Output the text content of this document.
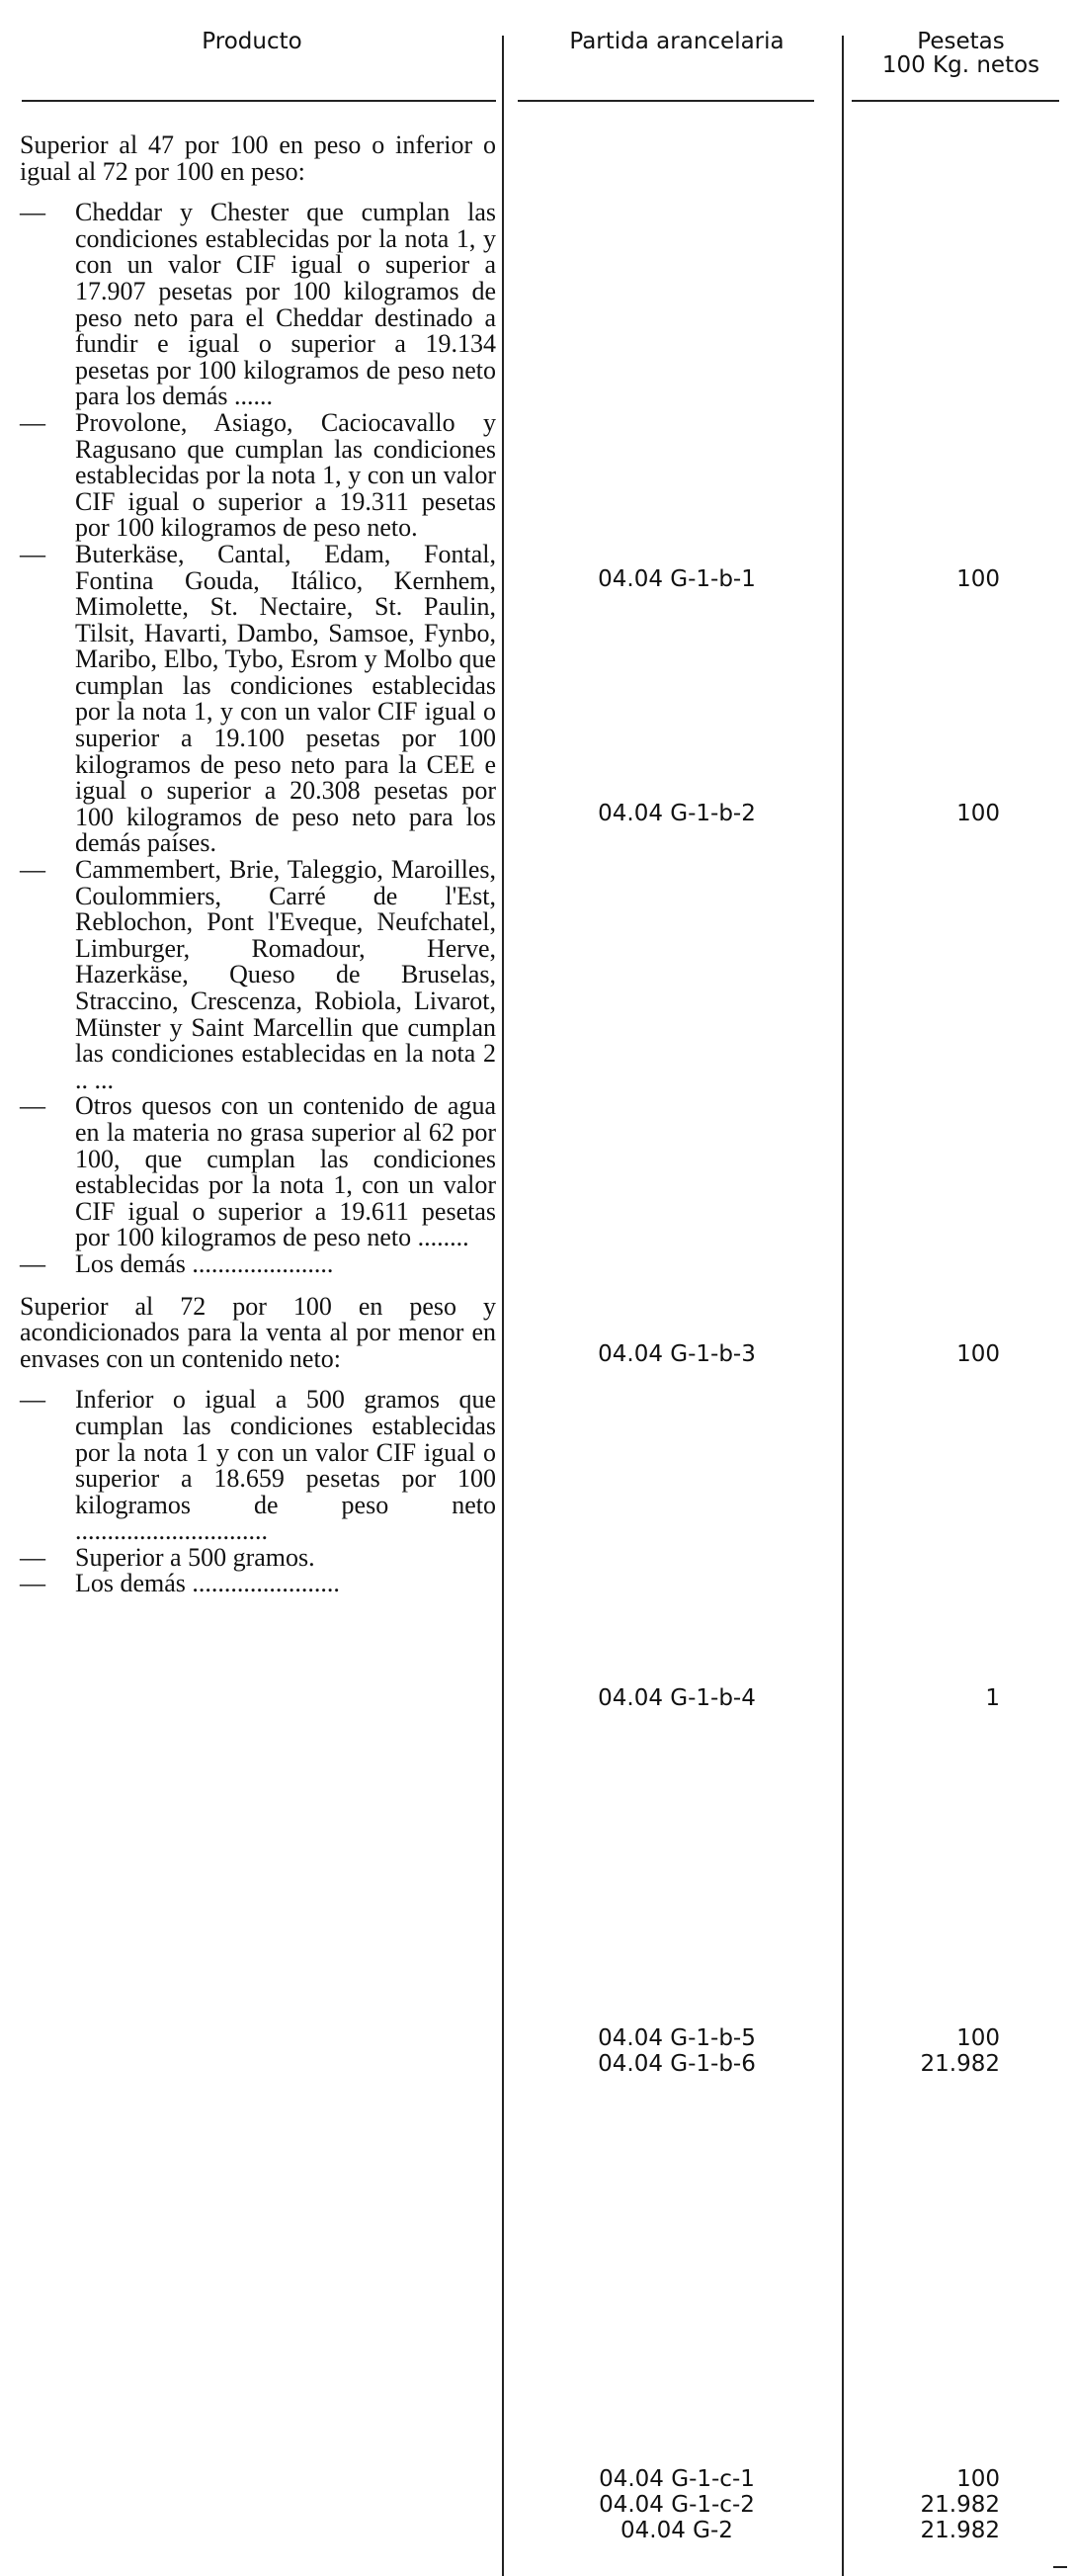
Producto	Partida arancelaria	Pesetas
100 Kg. netos

Superior al 47 por 100 en peso o inferior o igual al 72 por 100 en peso:

— Cheddar y Chester que cumplan las condiciones establecidas por la nota 1, y con un valor CIF igual o superior a 17.907 pesetas por 100 kilogramos de peso neto para el Cheddar destinado a fundir e igual o superior a 19.134 pesetas por 100 kilogramos de peso neto para los demás ......

— Provolone, Asiago, Caciocavallo y Ragusano que cumplan las condiciones establecidas por la nota 1, y con un valor CIF igual o superior a 19.311 pesetas por 100 kilogramos de peso neto.

— Buterkäse, Cantal, Edam, Fontal, Fontina Gouda, Itálico, Kernhem, Mimolette, St. Nectaire, St. Paulin, Tilsit, Havarti, Dambo, Samsoe, Fynbo, Maribo, Elbo, Tybo, Esrom y Molbo que cumplan las condiciones establecidas por la nota 1, y con un valor CIF igual o superior a 19.100 pesetas por 100 kilogramos de peso neto para la CEE e igual o superior a 20.308 pesetas por 100 kilogramos de peso neto para los demás países.

— Cammembert, Brie, Taleggio, Maroilles, Coulommiers, Carré de l'Est, Reblochon, Pont l'Eveque, Neufchatel, Limburger, Romadour, Herve, Hazerkäse, Queso de Bruselas, Straccino, Crescenza, Robiola, Livarot, Münster y Saint Marcellin que cumplan las condiciones establecidas en la nota 2 .. ...

— Otros quesos con un contenido de agua en la materia no grasa superior al 62 por 100, que cumplan las condiciones establecidas por la nota 1, con un valor CIF igual o superior a 19.611 pesetas por 100 kilogramos de peso neto ........

— Los demás ......................

Superior al 72 por 100 en peso y acondicionados para la venta al por menor en envases con un contenido neto:

— Inferior o igual a 500 gramos que cumplan las condiciones establecidas por la nota 1 y con un valor CIF igual o superior a 18.659 pesetas por 100 kilogramos de peso neto ..............................

— Superior a 500 gramos.

— Los demás .......................

04.04 G-1-b-1
04.04 G-1-b-2
04.04 G-1-b-3
04.04 G-1-b-4
04.04 G-1-b-5
04.04 G-1-b-6
04.04 G-1-c-1
04.04 G-1-c-2
04.04 G-2
100
100
100
1
100
21.982
100
21.982
21.982
